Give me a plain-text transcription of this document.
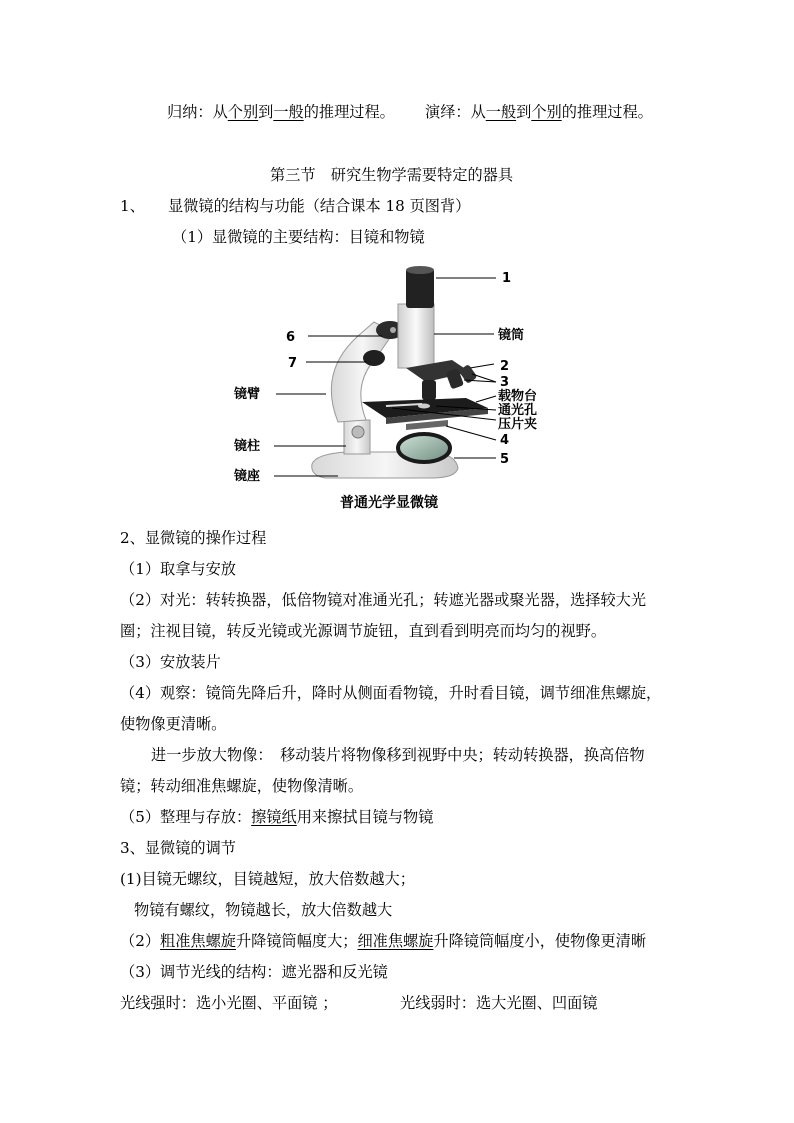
归纳：从个别到一般的推理过程。 演绎：从一般到个别的推理过程。
第三节　研究生物学需要特定的器具
1、 显微镜的结构与功能（结合课本 18 页图背）
（1）显微镜的主要结构：目镜和物镜
1
镜筒
6
7	2
3
载物台
镜臂
通光孔
压片夹
4
镜柱
5
镜座
普通光学显微镜
2、显微镜的操作过程
（1）取拿与安放
（2）对光：转转换器，低倍物镜对准通光孔；转遮光器或聚光器，选择较大光
圈；注视目镜，转反光镜或光源调节旋钮，直到看到明亮而均匀的视野。
（3）安放装片
（4）观察：镜筒先降后升，降时从侧面看物镜，升时看目镜，调节细准焦螺旋，
使物像更清晰。
进一步放大物像：　移动装片将物像移到视野中央；转动转换器，换高倍物
镜；转动细准焦螺旋，使物像清晰。
（5）整理与存放：擦镜纸用来擦拭目镜与物镜
3、显微镜的调节
(1)目镜无螺纹，目镜越短，放大倍数越大；
物镜有螺纹，物镜越长，放大倍数越大
（2）粗准焦螺旋升降镜筒幅度大；细准焦螺旋升降镜筒幅度小，使物像更清晰
（3）调节光线的结构：遮光器和反光镜
光线强时：选小光圈、平面镜 ；	光线弱时：选大光圈、凹面镜
